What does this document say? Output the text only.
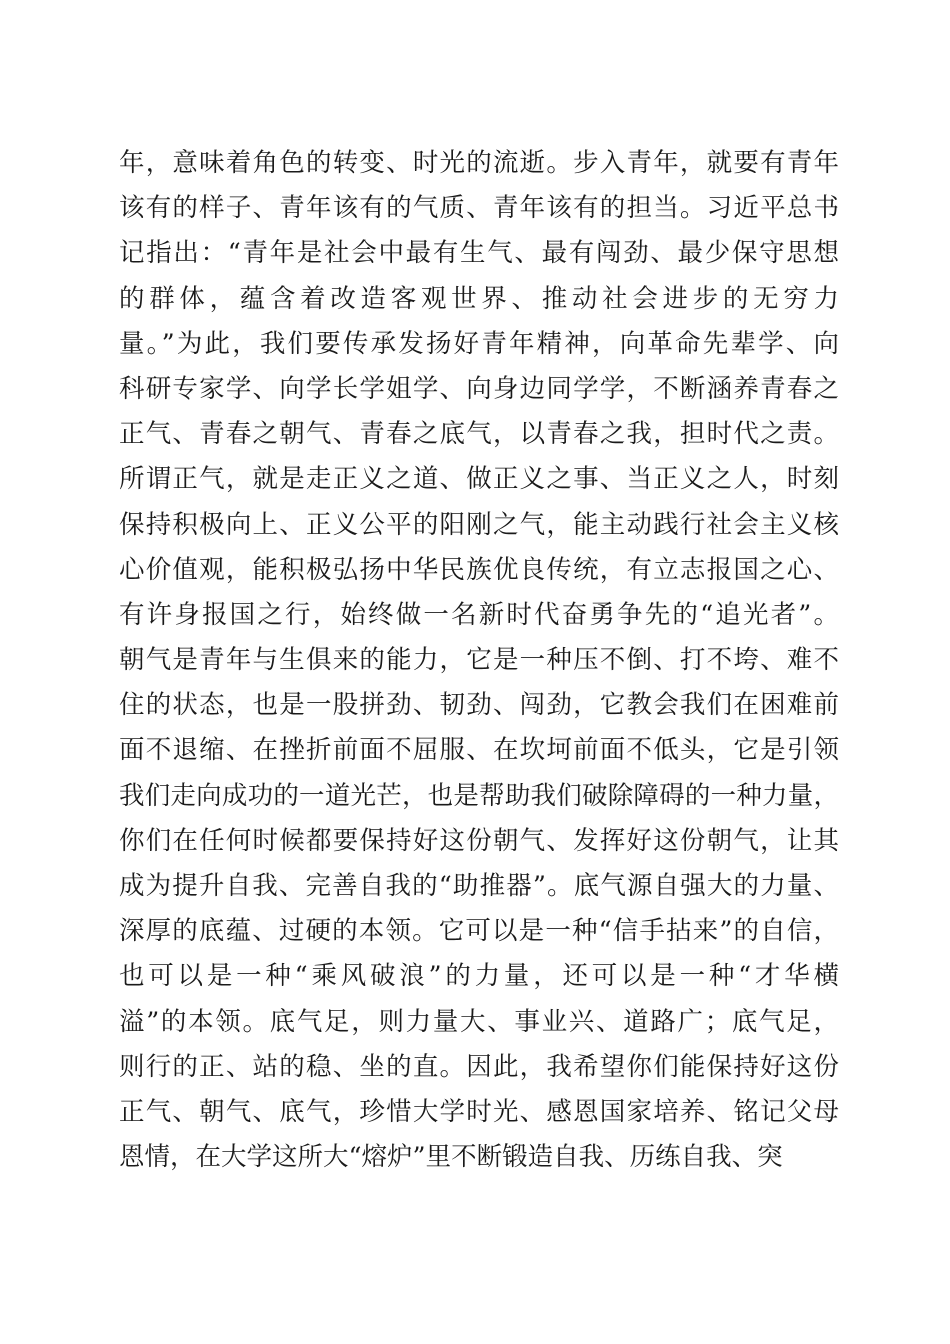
年，意味着角色的转变、时光的流逝。步入青年，就要有青年
该有的样子、青年该有的气质、青年该有的担当。习近平总书
记指出：“青年是社会中最有生气、最有闯劲、最少保守思想
的群体，蕴含着改造客观世界、推动社会进步的无穷力
量。”为此，我们要传承发扬好青年精神，向革命先辈学、向
科研专家学、向学长学姐学、向身边同学学，不断涵养青春之
正气、青春之朝气、青春之底气，以青春之我，担时代之责。
所谓正气，就是走正义之道、做正义之事、当正义之人，时刻
保持积极向上、正义公平的阳刚之气，能主动践行社会主义核
心价值观，能积极弘扬中华民族优良传统，有立志报国之心、
有许身报国之行，始终做一名新时代奋勇争先的“追光者”。
朝气是青年与生俱来的能力，它是一种压不倒、打不垮、难不
住的状态，也是一股拼劲、韧劲、闯劲，它教会我们在困难前
面不退缩、在挫折前面不屈服、在坎坷前面不低头，它是引领
我们走向成功的一道光芒，也是帮助我们破除障碍的一种力量，
你们在任何时候都要保持好这份朝气、发挥好这份朝气，让其
成为提升自我、完善自我的“助推器”。底气源自强大的力量、
深厚的底蕴、过硬的本领。它可以是一种“信手拈来”的自信，
也可以是一种“乘风破浪”的力量，还可以是一种“才华横
溢”的本领。底气足，则力量大、事业兴、道路广；底气足，
则行的正、站的稳、坐的直。因此，我希望你们能保持好这份
正气、朝气、底气，珍惜大学时光、感恩国家培养、铭记父母
恩情，在大学这所大“熔炉”里不断锻造自我、历练自我、突
